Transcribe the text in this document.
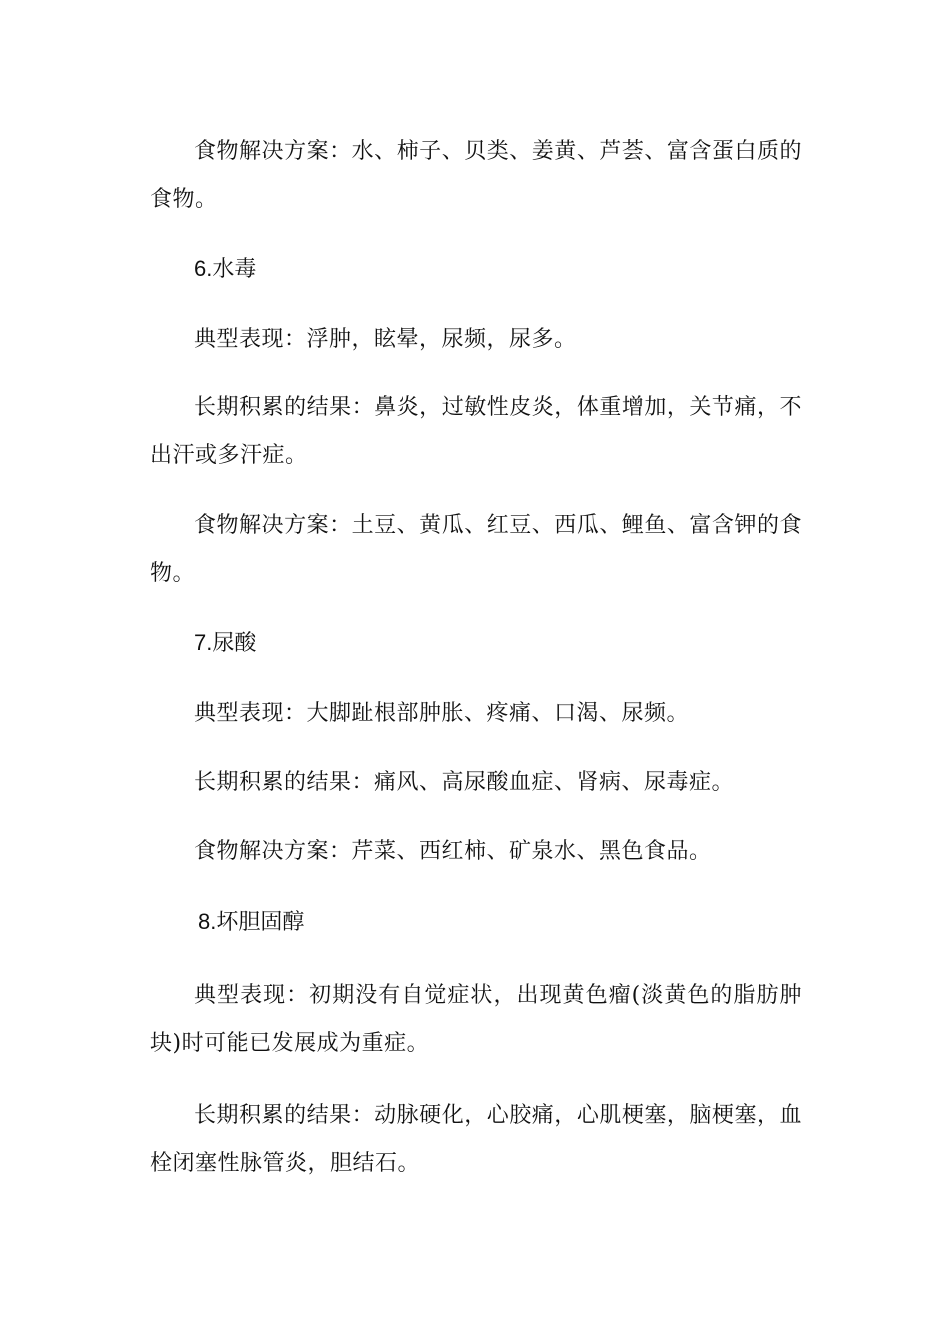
食物解决方案：水、柿子、贝类、姜黄、芦荟、富含蛋白质的食物。

6.水毒

典型表现：浮肿，眩晕，尿频，尿多。

长期积累的结果：鼻炎，过敏性皮炎，体重增加，关节痛，不出汗或多汗症。

食物解决方案：土豆、黄瓜、红豆、西瓜、鲤鱼、富含钾的食物。

7.尿酸

典型表现：大脚趾根部肿胀、疼痛、口渴、尿频。

长期积累的结果：痛风、高尿酸血症、肾病、尿毒症。

食物解决方案：芹菜、西红柿、矿泉水、黑色食品。

8.坏胆固醇

典型表现：初期没有自觉症状，出现黄色瘤(淡黄色的脂肪肿块)时可能已发展成为重症。

长期积累的结果：动脉硬化，心胶痛，心肌梗塞，脑梗塞，血栓闭塞性脉管炎，胆结石。
